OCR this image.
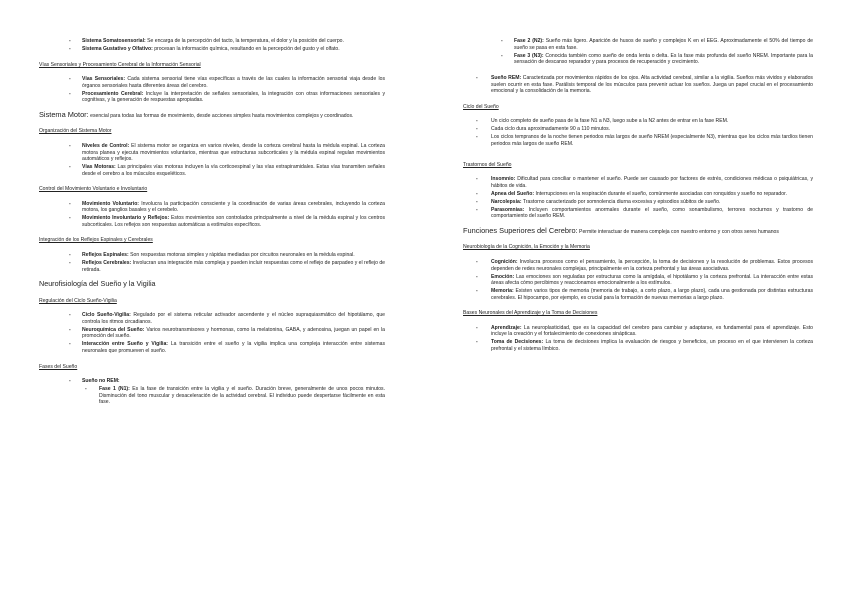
- Sistema Somatosensorial: Se encarga de la percepción del tacto, la temperatura, el dolor y la posición del cuerpo.
- Sistema Gustativo y Olfativo: procesan la información química, resultando en la percepción del gusto y el olfato.
Vías Sensoriales y Procesamiento Cerebral de la Información Sensorial
- Vías Sensoriales: Cada sistema sensorial tiene vías específicas a través de las cuales la información sensorial viaja desde los órganos sensoriales hasta diferentes áreas del cerebro.
- Procesamiento Cerebral: Incluye la interpretación de señales sensoriales, la integración con otras informaciones sensoriales y cognitivas, y la generación de respuestas apropiadas.
Sistema Motor: esencial para todas las formas de movimiento, desde acciones simples hasta movimientos complejos y coordinados.
Organización del Sistema Motor
- Niveles de Control: El sistema motor se organiza en varios niveles, desde la corteza cerebral hasta la médula espinal. La corteza motora planea y ejecuta movimientos voluntarios, mientras que estructuras subcorticales y la médula espinal regulan movimientos automáticos y reflejos.
- Vías Motoras: Las principales vías motoras incluyen la vía corticoespinal y las vías extrapiramidales. Estas vías transmiten señales desde el cerebro a los músculos esqueléticos.
Control del Movimiento Voluntario e Involuntario
- Movimiento Voluntario: Involucra la participación consciente y la coordinación de varias áreas cerebrales, incluyendo la corteza motora, los ganglios basales y el cerebelo.
- Movimiento Involuntario y Reflejos: Estos movimientos son controlados principalmente a nivel de la médula espinal y los centros subcorticales. Los reflejos son respuestas automáticas a estímulos específicos.
Integración de los Reflejos Espinales y Cerebrales
- Reflejos Espinales: Son respuestas motoras simples y rápidas mediadas por circuitos neuronales en la médula espinal.
- Reflejos Cerebrales: Involucran una integración más compleja y pueden incluir respuestas como el reflejo de parpadeo y el reflejo de retirada.
Neurofisiología del Sueño y la Vigilia
Regulación del Ciclo Sueño-Vigilia
- Ciclo Sueño-Vigilia: Regulado por el sistema reticular activador ascendente y el núcleo supraquiasmático del hipotálamo, que controla los ritmos circadianos.
- Neuroquímica del Sueño: Varios neurotransmisores y hormonas, como la melatonina, GABA, y adenosina, juegan un papel en la promoción del sueño.
- Interacción entre Sueño y Vigilia: La transición entre el sueño y la vigilia implica una compleja interacción entre sistemas neuronales que promueven el sueño.
Fases del Sueño
- Sueño no REM:
- Fase 1 (N1): Es la fase de transición entre la vigilia y el sueño. Duración breve, generalmente de unos pocos minutos. Disminución del tono muscular y desaceleración de la actividad cerebral. El individuo puede despertarse fácilmente en esta fase.
- Fase 2 (N2): Sueño más ligero. Aparición de husos de sueño y complejos K en el EEG. Aproximadamente el 50% del tiempo de sueño se pasa en esta fase.
- Fase 3 (N3): Conocida también como sueño de onda lenta o delta. Es la fase más profunda del sueño NREM. Importante para la sensación de descanso reparador y para procesos de recuperación y crecimiento.
- Sueño REM: Caracterizada por movimientos rápidos de los ojos. Alta actividad cerebral, similar a la vigilia. Sueños más vividos y elaborados suelen ocurrir en esta fase. Parálisis temporal de los músculos para prevenir actuar los sueños. Juega un papel crucial en el procesamiento emocional y la consolidación de la memoria.
Ciclo del Sueño
- Un ciclo completo de sueño pasa de la fase N1 a N3, luego sube a la N2 antes de entrar en la fase REM.
- Cada ciclo dura aproximadamente 90 a 110 minutos.
- Los ciclos tempranos de la noche tienen periodos más largos de sueño NREM (especialmente N3), mientras que los ciclos más tardíos tienen periodos más largos de sueño REM.
Trastornos del Sueño
- Insomnio: Dificultad para conciliar o mantener el sueño. Puede ser causado por factores de estrés, condiciones médicas o psiquiátricas, y hábitos de vida.
- Apnea del Sueño: Interrupciones en la respiración durante el sueño, comúnmente asociadas con ronquidos y sueño no reparador.
- Narcolepsia: Trastorno caracterizado por somnolencia diurna excesiva y episodios súbitos de sueño.
- Parasomnias: Incluyen comportamientos anormales durante el sueño, como sonambulismo, terrores nocturnos y trastorno de comportamiento del sueño REM.
Funciones Superiores del Cerebro: Permite interactuar de manera compleja con nuestro entorno y con otros seres humanos
Neurobiología de la Cognición, la Emoción y la Memoria
- Cognición: Involucra procesos como el pensamiento, la percepción, la toma de decisiones y la resolución de problemas. Estos procesos dependen de redes neuronales complejas, principalmente en la corteza prefrontal y las áreas asociativas.
- Emoción: Las emociones son reguladas por estructuras como la amígdala, el hipotálamo y la corteza prefrontal. La interacción entre estas áreas afecta cómo percibimos y reaccionamos emocionalmente a los estímulos.
- Memoria: Existen varios tipos de memoria (memoria de trabajo, a corto plazo, a largo plazo), cada una gestionada por distintas estructuras cerebrales. El hipocampo, por ejemplo, es crucial para la formación de nuevas memorias a largo plazo.
Bases Neuronales del Aprendizaje y la Toma de Decisiones
- Aprendizaje: La neuroplasticidad, que es la capacidad del cerebro para cambiar y adaptarse, es fundamental para el aprendizaje. Esto incluye la creación y el fortalecimiento de conexiones sinápticas.
- Toma de Decisiones: La toma de decisiones implica la evaluación de riesgos y beneficios, un proceso en el que intervienen la corteza prefrontal y el sistema límbico.
